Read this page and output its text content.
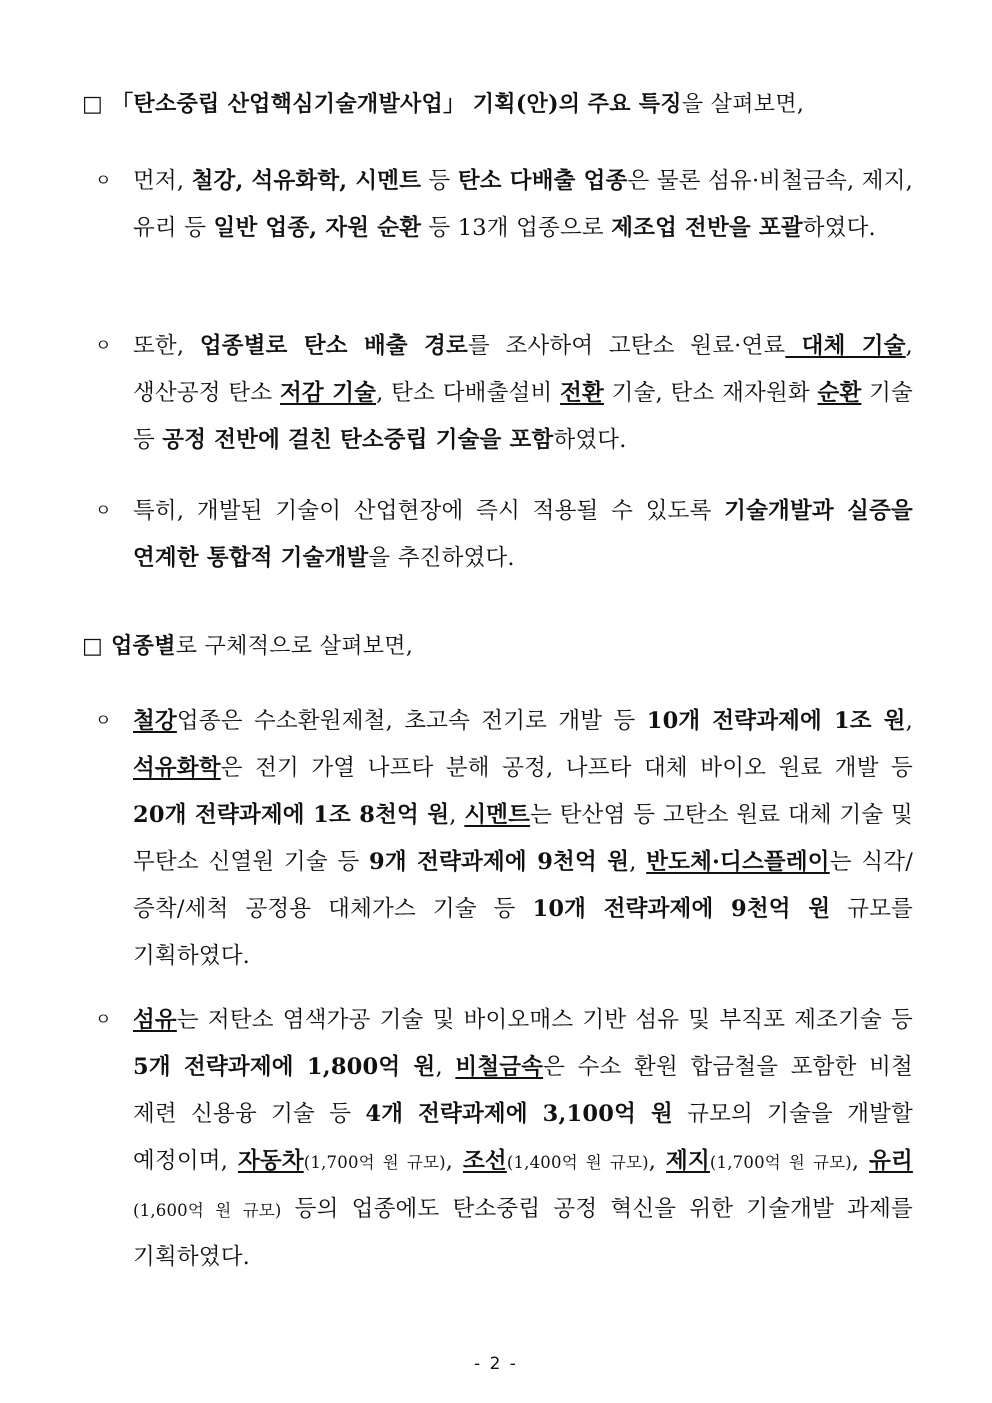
□ 「탄소중립 산업핵심기술개발사업」 기획(안)의 주요 특징을 살펴보면,
ㅇ 먼저, 철강, 석유화학, 시멘트 등 탄소 다배출 업종은 물론 섬유·비철금속, 제지, 유리 등 일반 업종, 자원 순환 등 13개 업종으로 제조업 전반을 포괄하였다.
ㅇ 또한, 업종별로 탄소 배출 경로를 조사하여 고탄소 원료·연료 대체 기술, 생산공정 탄소 저감 기술, 탄소 다배출설비 전환 기술, 탄소 재자원화 순환 기술 등 공정 전반에 걸친 탄소중립 기술을 포함하였다.
ㅇ 특히, 개발된 기술이 산업현장에 즉시 적용될 수 있도록 기술개발과 실증을 연계한 통합적 기술개발을 추진하였다.
□ 업종별로 구체적으로 살펴보면,
ㅇ 철강업종은 수소환원제철, 초고속 전기로 개발 등 10개 전략과제에 1조 원, 석유화학은 전기 가열 나프타 분해 공정, 나프타 대체 바이오 원료 개발 등 20개 전략과제에 1조 8천억 원, 시멘트는 탄산염 등 고탄소 원료 대체 기술 및 무탄소 신열원 기술 등 9개 전략과제에 9천억 원, 반도체·디스플레이는 식각/증착/세척 공정용 대체가스 기술 등 10개 전략과제에 9천억 원 규모를 기획하였다.
ㅇ 섬유는 저탄소 염색가공 기술 및 바이오매스 기반 섬유 및 부직포 제조기술 등 5개 전략과제에 1,800억 원, 비철금속은 수소 환원 합금철을 포함한 비철 제련 신용융 기술 등 4개 전략과제에 3,100억 원 규모의 기술을 개발할 예정이며, 자동차(1,700억 원 규모), 조선(1,400억 원 규모), 제지(1,700억 원 규모), 유리(1,600억 원 규모) 등의 업종에도 탄소중립 공정 혁신을 위한 기술개발 과제를 기획하였다.
- 2 -
